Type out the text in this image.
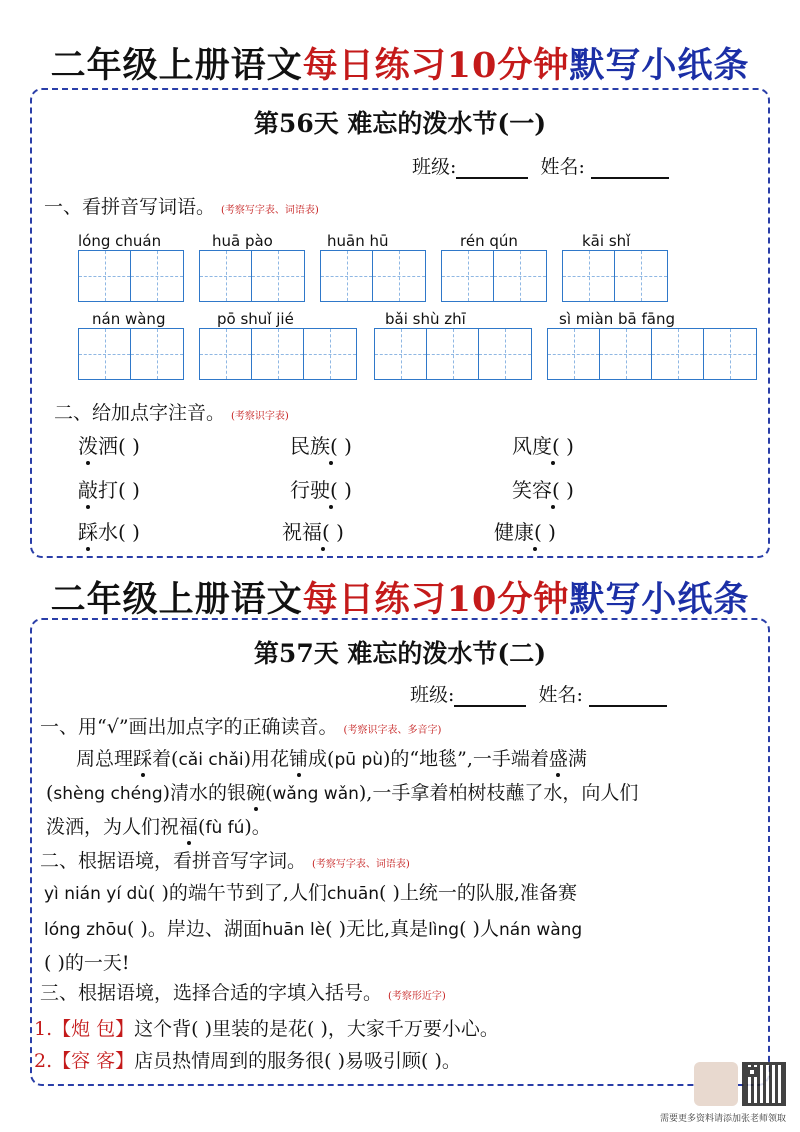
二年级上册语文每日练习10分钟默写小纸条
第56天 难忘的泼水节(一)
班级:	姓名:
一、看拼音写词语。 (考察写字表、词语表)
lóng chuán	huā pào	huān hū	rén qún	kāi shǐ
nán wàng	pō shuǐ jié	bǎi shù zhī	sì miàn bā fāng
二、给加点字注音。 (考察识字表)
泼洒( )	民族( )	风度( )
敲打( )	行驶( )	笑容( )
踩水( )	祝福( )	健康( )
二年级上册语文每日练习10分钟默写小纸条
第57天 难忘的泼水节(二)
班级:	姓名:
一、用“√”画出加点字的正确读音。 (考察识字表、多音字)
周总理踩着(cǎi chǎi)用花铺成(pū pù)的“地毯”,一手端着盛满
(shèng chéng)清水的银碗(wǎng wǎn),一手拿着柏树枝蘸了水，向人们
泼洒，为人们祝福(fù fú)。
二、根据语境，看拼音写字词。 (考察写字表、词语表)
yì nián yí dù( )的端午节到了,人们chuān( )上统一的队服,准备赛
lóng zhōu( )。岸边、湖面huān lè( )无比,真是lìng( )人nán wàng
( )的一天!
三、根据语境，选择合适的字填入括号。 (考察形近字)
1.【炮 包】这个背( )里装的是花( )，大家千万要小心。
2.【容 客】店员热情周到的服务很( )易吸引顾( )。
需要更多资料请添加张老师领取
